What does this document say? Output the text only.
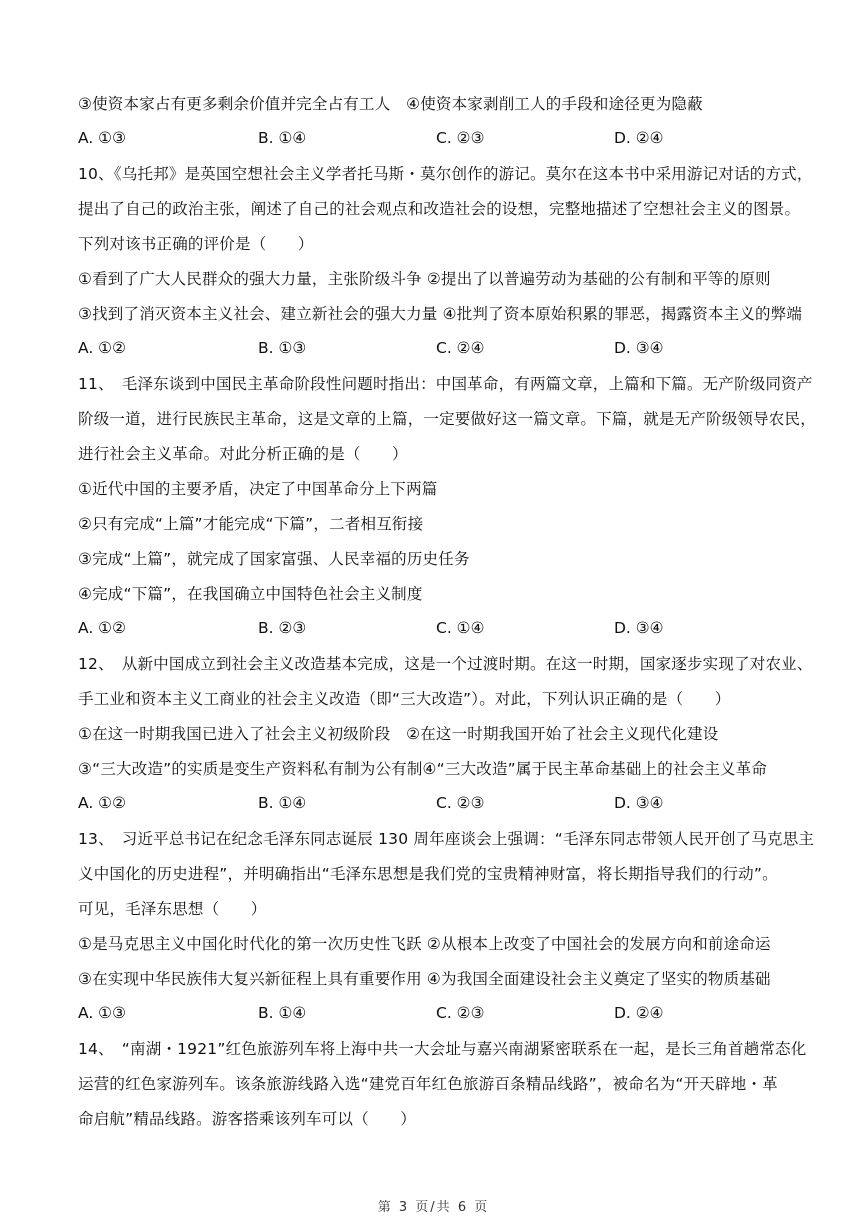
③使资本家占有更多剩余价值并完全占有工人　④使资本家剥削工人的手段和途径更为隐蔽
A. ①③	B. ①④	C. ②③	D. ②④
10、《乌托邦》是英国空想社会主义学者托马斯・莫尔创作的游记。莫尔在这本书中采用游记对话的方式，
提出了自己的政治主张，阐述了自己的社会观点和改造社会的设想，完整地描述了空想社会主义的图景。
下列对该书正确的评价是（　　）
①看到了广大人民群众的强大力量，主张阶级斗争 ②提出了以普遍劳动为基础的公有制和平等的原则
③找到了消灭资本主义社会、建立新社会的强大力量 ④批判了资本原始积累的罪恶，揭露资本主义的弊端
A. ①②	B. ①③	C. ②④	D. ③④
11、　毛泽东谈到中国民主革命阶段性问题时指出：中国革命，有两篇文章，上篇和下篇。无产阶级同资产
阶级一道，进行民族民主革命，这是文章的上篇，一定要做好这一篇文章。下篇，就是无产阶级领导农民，
进行社会主义革命。对此分析正确的是（　　）
①近代中国的主要矛盾，决定了中国革命分上下两篇
②只有完成“上篇”才能完成“下篇”，二者相互衔接
③完成“上篇”，就完成了国家富强、人民幸福的历史任务
④完成“下篇”，在我国确立中国特色社会主义制度
A. ①②	B. ②③	C. ①④	D. ③④
12、　从新中国成立到社会主义改造基本完成，这是一个过渡时期。在这一时期，国家逐步实现了对农业、
手工业和资本主义工商业的社会主义改造（即“三大改造”）。对此，下列认识正确的是（　　）
①在这一时期我国已进入了社会主义初级阶段　②在这一时期我国开始了社会主义现代化建设
③“三大改造”的实质是变生产资料私有制为公有制④“三大改造”属于民主革命基础上的社会主义革命
A. ①②	B. ①④	C. ②③	D. ③④
13、　习近平总书记在纪念毛泽东同志诞辰 130 周年座谈会上强调：“毛泽东同志带领人民开创了马克思主
义中国化的历史进程”，并明确指出“毛泽东思想是我们党的宝贵精神财富，将长期指导我们的行动”。
可见，毛泽东思想（　　）
①是马克思主义中国化时代化的第一次历史性飞跃 ②从根本上改变了中国社会的发展方向和前途命运
③在实现中华民族伟大复兴新征程上具有重要作用 ④为我国全面建设社会主义奠定了坚实的物质基础
A. ①③	B. ①④	C. ②③	D. ②④
14、　“南湖・1921”红色旅游列车将上海中共一大会址与嘉兴南湖紧密联系在一起，是长三角首趟常态化
运营的红色家游列车。该条旅游线路入选“建党百年红色旅游百条精品线路”，被命名为“开天辟地・革
命启航”精品线路。游客搭乘该列车可以（　　）
第 3 页/共 6 页
